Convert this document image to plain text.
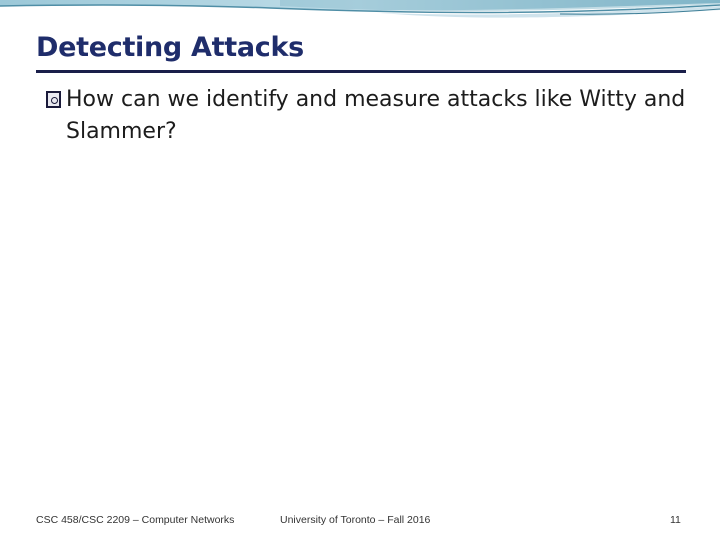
Detecting Attacks
How can we identify and measure attacks like Witty and Slammer?
CSC 458/CSC 2209 – Computer Networks	University of Toronto – Fall 2016	11
